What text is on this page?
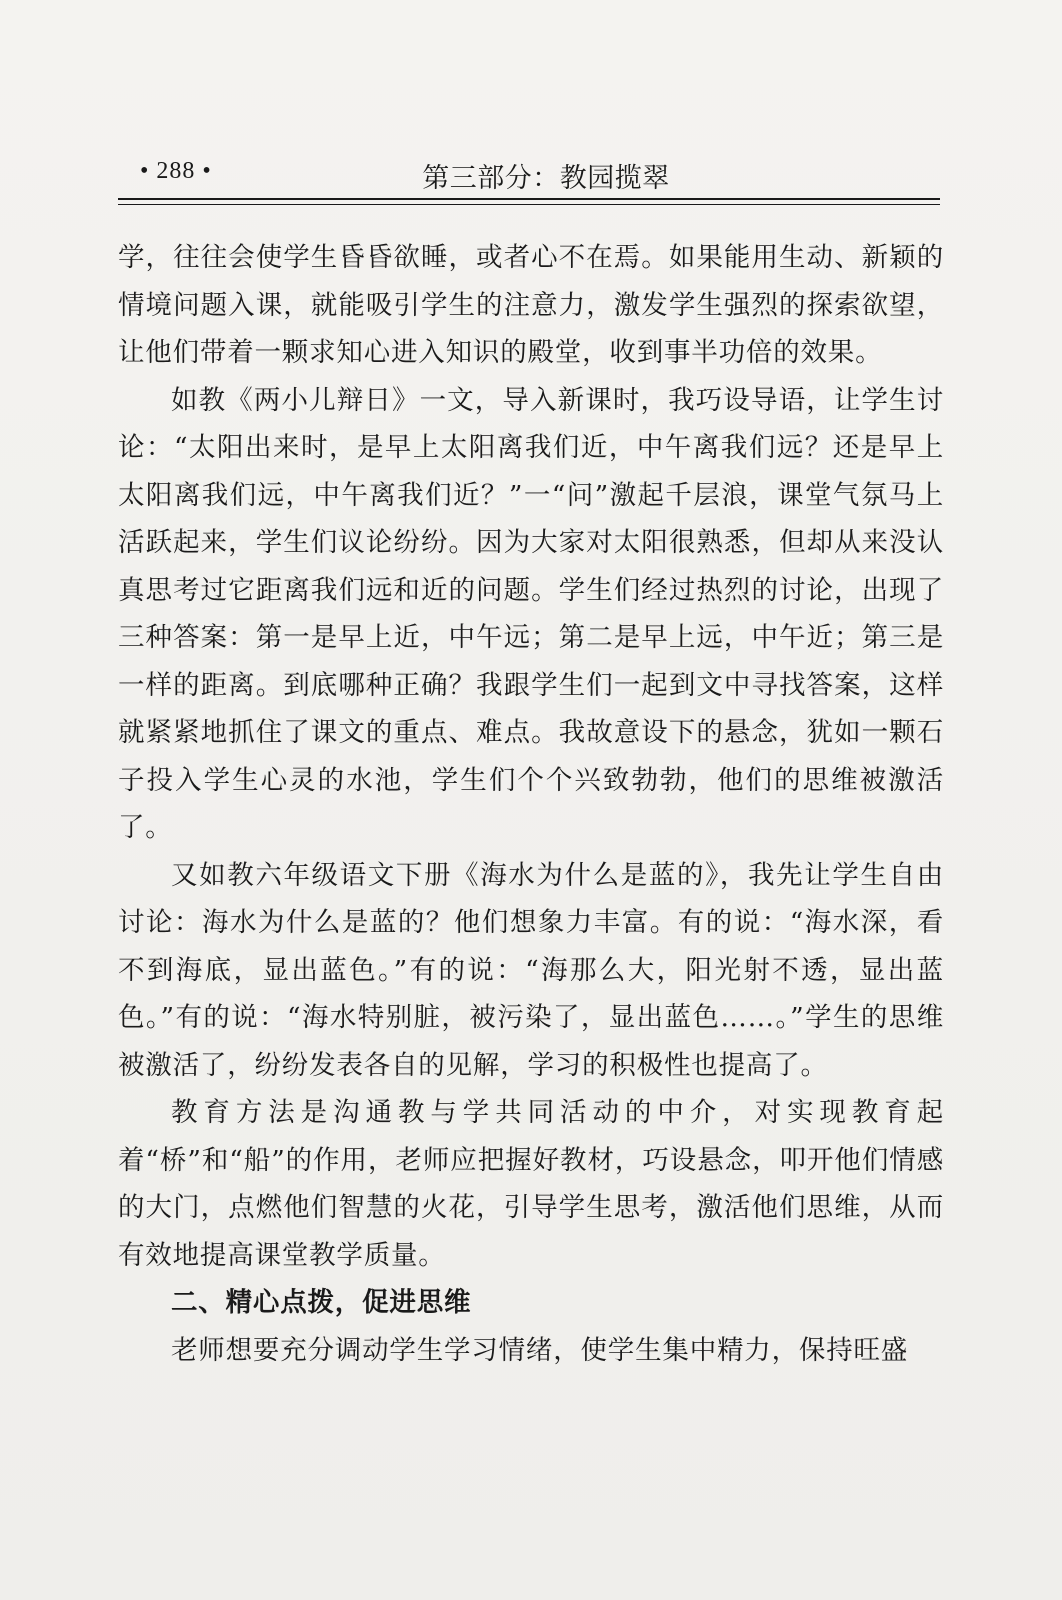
• 288 •	第三部分：教园揽翠

学，往往会使学生昏昏欲睡，或者心不在焉。如果能用生动、新颖的情境问题入课，就能吸引学生的注意力，激发学生强烈的探索欲望，让他们带着一颗求知心进入知识的殿堂，收到事半功倍的效果。

如教《两小儿辩日》一文，导入新课时，我巧设导语，让学生讨论：“太阳出来时，是早上太阳离我们近，中午离我们远？还是早上太阳离我们远，中午离我们近？”一“问”激起千层浪，课堂气氛马上活跃起来，学生们议论纷纷。因为大家对太阳很熟悉，但却从来没认真思考过它距离我们远和近的问题。学生们经过热烈的讨论，出现了三种答案：第一是早上近，中午远；第二是早上远，中午近；第三是一样的距离。到底哪种正确？我跟学生们一起到文中寻找答案，这样就紧紧地抓住了课文的重点、难点。我故意设下的悬念，犹如一颗石子投入学生心灵的水池，学生们个个兴致勃勃，他们的思维被激活了。

又如教六年级语文下册《海水为什么是蓝的》，我先让学生自由讨论：海水为什么是蓝的？他们想象力丰富。有的说：“海水深，看不到海底，显出蓝色。”有的说：“海那么大，阳光射不透，显出蓝色。”有的说：“海水特别脏，被污染了，显出蓝色……。”学生的思维被激活了，纷纷发表各自的见解，学习的积极性也提高了。

教育方法是沟通教与学共同活动的中介，对实现教育起着“桥”和“船”的作用，老师应把握好教材，巧设悬念，叩开他们情感的大门，点燃他们智慧的火花，引导学生思考，激活他们思维，从而有效地提高课堂教学质量。

二、精心点拨，促进思维

老师想要充分调动学生学习情绪，使学生集中精力，保持旺盛
